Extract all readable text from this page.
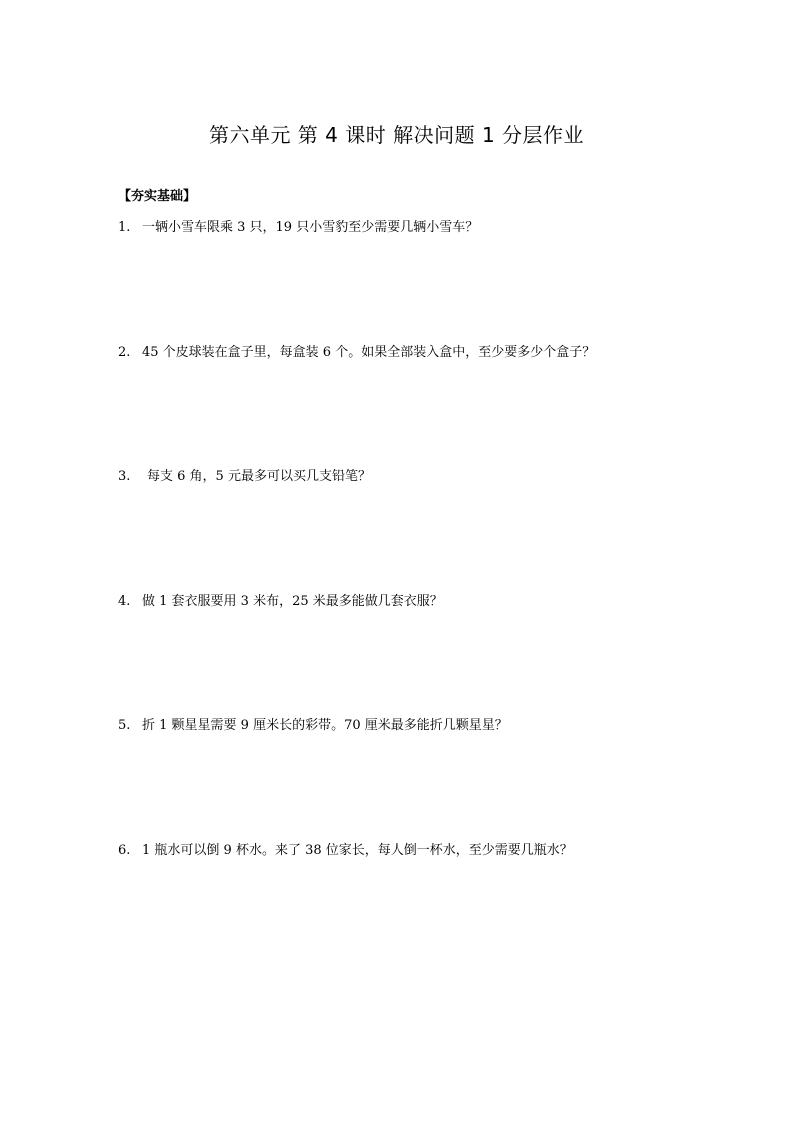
第六单元 第 4 课时 解决问题 1 分层作业
【夯实基础】
1. 一辆小雪车限乘 3 只，19 只小雪豹至少需要几辆小雪车？
2. 45 个皮球装在盒子里，每盒装 6 个。如果全部装入盒中，至少要多少个盒子？
3. 每支 6 角，5 元最多可以买几支铅笔？
4. 做 1 套衣服要用 3 米布，25 米最多能做几套衣服？
5. 折 1 颗星星需要 9 厘米长的彩带。70 厘米最多能折几颗星星？
6. 1 瓶水可以倒 9 杯水。来了 38 位家长，每人倒一杯水，至少需要几瓶水？
